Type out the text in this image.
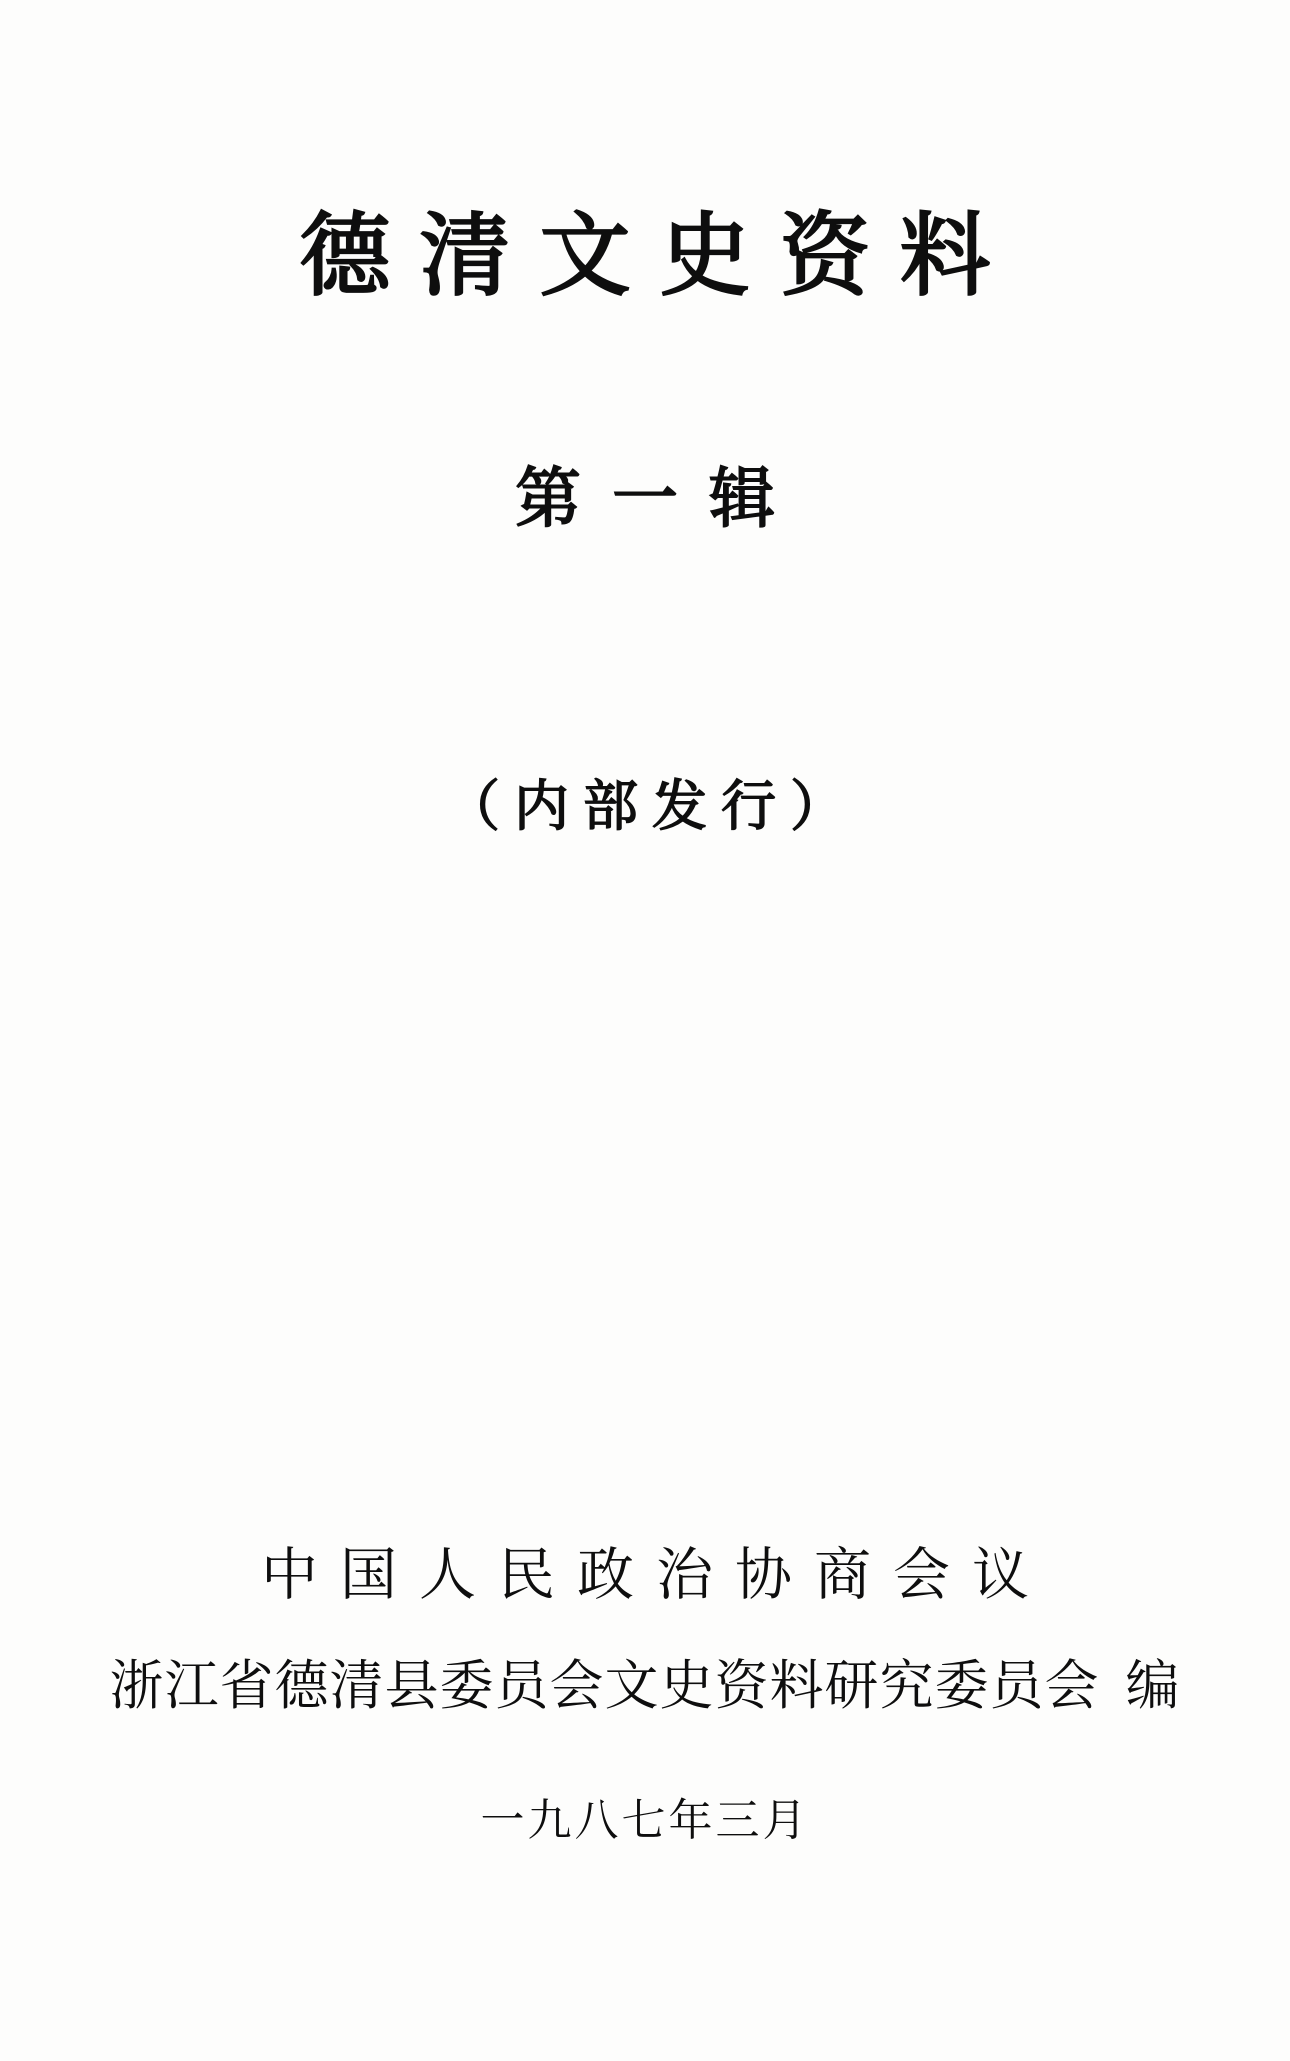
德清文史资料
第一辑
（内部发行）
中国人民政治协商会议
浙江省德清县委员会文史资料研究委员会 编
一九八七年三月
